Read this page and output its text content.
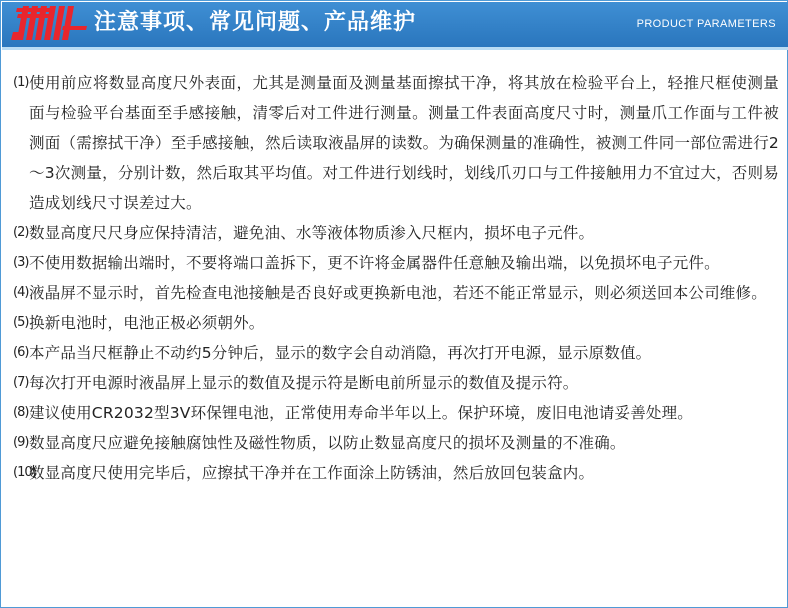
注意事项、常见问题、产品维护	PRODUCT PARAMETERS
(1) 使用前应将数显高度尺外表面，尤其是测量面及测量基面擦拭干净，将其放在检验平台上，轻推尺框使测量面与检验平台基面至手感接触，清零后对工件进行测量。测量工件表面高度尺寸时，测量爪工作面与工件被测面（需擦拭干净）至手感接触，然后读取液晶屏的读数。为确保测量的准确性，被测工件同一部位需进行2～3次测量，分别计数，然后取其平均值。对工件进行划线时，划线爪刃口与工件接触用力不宜过大，否则易造成划线尺寸误差过大。
(2) 数显高度尺尺身应保持清洁，避免油、水等液体物质渗入尺框内，损坏电子元件。
(3) 不使用数据输出端时，不要将端口盖拆下，更不许将金属器件任意触及输出端，以免损坏电子元件。
(4) 液晶屏不显示时，首先检查电池接触是否良好或更换新电池，若还不能正常显示，则必须送回本公司维修。
(5) 换新电池时，电池正极必须朝外。
(6) 本产品当尺框静止不动约5分钟后，显示的数字会自动消隐，再次打开电源，显示原数值。
(7) 每次打开电源时液晶屏上显示的数值及提示符是断电前所显示的数值及提示符。
(8) 建议使用CR2032型3V环保锂电池，正常使用寿命半年以上。保护环境，废旧电池请妥善处理。
(9) 数显高度尺应避免接触腐蚀性及磁性物质，以防止数显高度尺的损坏及测量的不准确。
(10)
数显高度尺使用完毕后，应擦拭干净并在工作面涂上防锈油，然后放回包装盒内。
